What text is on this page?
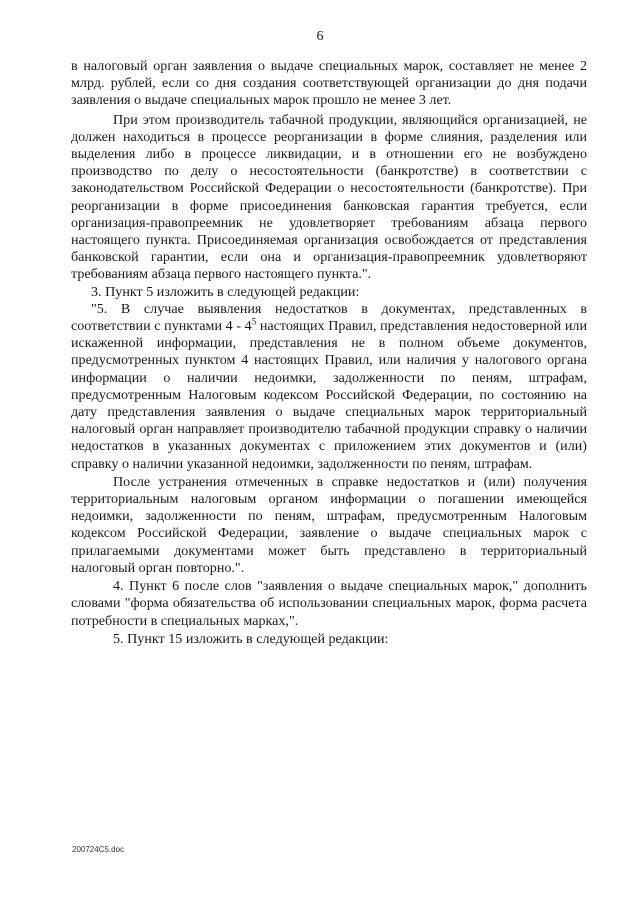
6

в налоговый орган заявления о выдаче специальных марок, составляет не менее 2 млрд. рублей, если со дня создания соответствующей организации до дня подачи заявления о выдаче специальных марок прошло не менее 3 лет.

При этом производитель табачной продукции, являющийся организацией, не должен находиться в процессе реорганизации в форме слияния, разделения или выделения либо в процессе ликвидации, и в отношении его не возбуждено производство по делу о несостоятельности (банкротстве) в соответствии с законодательством Российской Федерации о несостоятельности (банкротстве). При реорганизации в форме присоединения банковская гарантия требуется, если организация-правопреемник не удовлетворяет требованиям абзаца первого настоящего пункта. Присоединяемая организация освобождается от представления банковской гарантии, если она и организация-правопреемник удовлетворяют требованиям абзаца первого настоящего пункта.".

3. Пункт 5 изложить в следующей редакции:

"5. В случае выявления недостатков в документах, представленных в соответствии с пунктами $4 - 4^5$ настоящих Правил, представления недостоверной или искаженной информации, представления не в полном объеме документов, предусмотренных пунктом 4 настоящих Правил, или наличия у налогового органа информации о наличии недоимки, задолженности по пеням, штрафам, предусмотренным Налоговым кодексом Российской Федерации, по состоянию на дату представления заявления о выдаче специальных марок территориальный налоговый орган направляет производителю табачной продукции справку о наличии недостатков в указанных документах с приложением этих документов и (или) справку о наличии указанной недоимки, задолженности по пеням, штрафам.

После устранения отмеченных в справке недостатков и (или) получения территориальным налоговым органом информации о погашении имеющейся недоимки, задолженности по пеням, штрафам, предусмотренным Налоговым кодексом Российской Федерации, заявление о выдаче специальных марок с прилагаемыми документами может быть представлено в территориальный налоговый орган повторно.".

4. Пункт 6 после слов "заявления о выдаче специальных марок," дополнить словами "форма обязательства об использовании специальных марок, форма расчета потребности в специальных марках,".

5. Пункт 15 изложить в следующей редакции:

200724C5.doc
